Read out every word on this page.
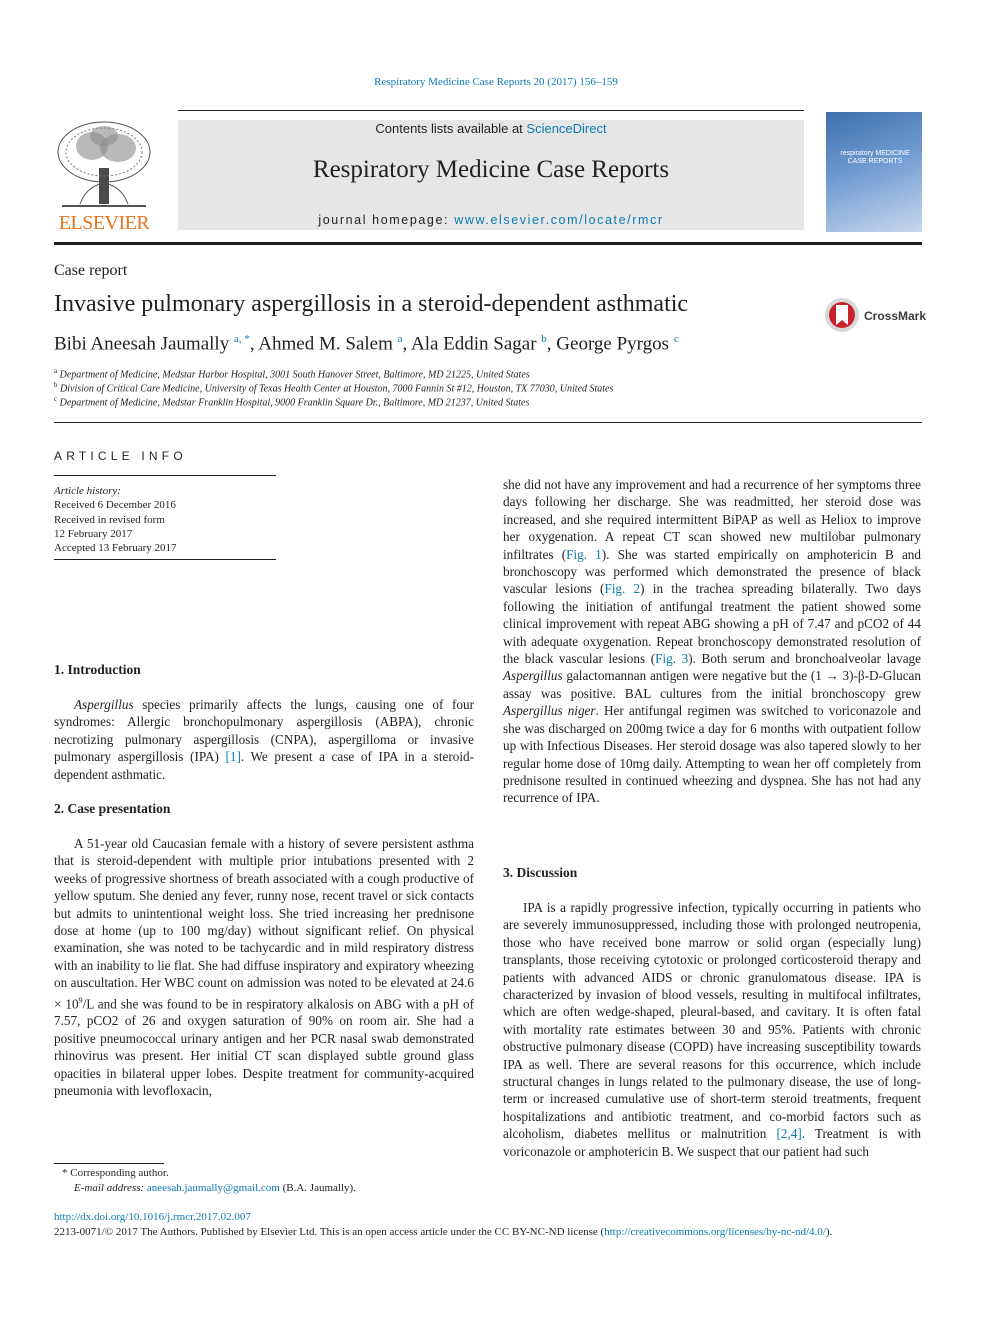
Respiratory Medicine Case Reports 20 (2017) 156–159
ELSEVIER
Contents lists available at ScienceDirect
Respiratory Medicine Case Reports
journal homepage: www.elsevier.com/locate/rmcr
respiratory MEDICINE CASE REPORTS
Case report
Invasive pulmonary aspergillosis in a steroid-dependent asthmatic	CrossMark
Bibi Aneesah Jaumally $^{a, *}$, Ahmed M. Salem $^a$, Ala Eddin Sagar $^b$, George Pyrgos $^c$
$^a$ Department of Medicine, Medstar Harbor Hospital, 3001 South Hanover Street, Baltimore, MD 21225, United States
$^b$ Division of Critical Care Medicine, University of Texas Health Center at Houston, 7000 Fannin St #12, Houston, TX 77030, United States
$^c$ Department of Medicine, Medstar Franklin Hospital, 9000 Franklin Square Dr., Baltimore, MD 21237, United States
ARTICLE INFO
Article history:
Received 6 December 2016
Received in revised form
12 February 2017
Accepted 13 February 2017
1. Introduction

Aspergillus species primarily affects the lungs, causing one of four syndromes: Allergic bronchopulmonary aspergillosis (ABPA), chronic necrotizing pulmonary aspergillosis (CNPA), aspergilloma or invasive pulmonary aspergillosis (IPA) [1]. We present a case of IPA in a steroid-dependent asthmatic.

2. Case presentation

A 51-year old Caucasian female with a history of severe persistent asthma that is steroid-dependent with multiple prior intubations presented with 2 weeks of progressive shortness of breath associated with a cough productive of yellow sputum. She denied any fever, runny nose, recent travel or sick contacts but admits to unintentional weight loss. She tried increasing her prednisone dose at home (up to 100 mg/day) without significant relief. On physical examination, she was noted to be tachycardic and in mild respiratory distress with an inability to lie flat. She had diffuse inspiratory and expiratory wheezing on auscultation. Her WBC count on admission was noted to be elevated at $24.6 \times 10^9/L$ and she was found to be in respiratory alkalosis on ABG with a pH of 7.57, pCO2 of 26 and oxygen saturation of 90% on room air. She had a positive pneumococcal urinary antigen and her PCR nasal swab demonstrated rhinovirus was present. Her initial CT scan displayed subtle ground glass opacities in bilateral upper lobes. Despite treatment for community-acquired pneumonia with levofloxacin,

she did not have any improvement and had a recurrence of her symptoms three days following her discharge. She was readmitted, her steroid dose was increased, and she required intermittent BiPAP as well as Heliox to improve her oxygenation. A repeat CT scan showed new multilobar pulmonary infiltrates (Fig. 1). She was started empirically on amphotericin B and bronchoscopy was performed which demonstrated the presence of black vascular lesions (Fig. 2) in the trachea spreading bilaterally. Two days following the initiation of antifungal treatment the patient showed some clinical improvement with repeat ABG showing a pH of 7.47 and pCO2 of 44 with adequate oxygenation. Repeat bronchoscopy demonstrated resolution of the black vascular lesions (Fig. 3). Both serum and bronchoalveolar lavage Aspergillus galactomannan antigen were negative but the (1 → 3)-β-D-Glucan assay was positive. BAL cultures from the initial bronchoscopy grew Aspergillus niger. Her antifungal regimen was switched to voriconazole and she was discharged on 200mg twice a day for 6 months with outpatient follow up with Infectious Diseases. Her steroid dosage was also tapered slowly to her regular home dose of 10mg daily. Attempting to wean her off completely from prednisone resulted in continued wheezing and dyspnea. She has not had any recurrence of IPA.

3. Discussion

IPA is a rapidly progressive infection, typically occurring in patients who are severely immunosuppressed, including those with prolonged neutropenia, those who have received bone marrow or solid organ (especially lung) transplants, those receiving cytotoxic or prolonged corticosteroid therapy and patients with advanced AIDS or chronic granulomatous disease. IPA is characterized by invasion of blood vessels, resulting in multifocal infiltrates, which are often wedge-shaped, pleural-based, and cavitary. It is often fatal with mortality rate estimates between 30 and 95%. Patients with chronic obstructive pulmonary disease (COPD) have increasing susceptibility towards IPA as well. There are several reasons for this occurrence, which include structural changes in lungs related to the pulmonary disease, the use of long-term or increased cumulative use of short-term steroid treatments, frequent hospitalizations and antibiotic treatment, and co-morbid factors such as alcoholism, diabetes mellitus or malnutrition [2,4]. Treatment is with voriconazole or amphotericin B. We suspect that our patient had such

* Corresponding author.
E-mail address: aneesah.jaumally@gmail.com (B.A. Jaumally).
http://dx.doi.org/10.1016/j.rmcr.2017.02.007
2213-0071/© 2017 The Authors. Published by Elsevier Ltd. This is an open access article under the CC BY-NC-ND license (http://creativecommons.org/licenses/by-nc-nd/4.0/).
